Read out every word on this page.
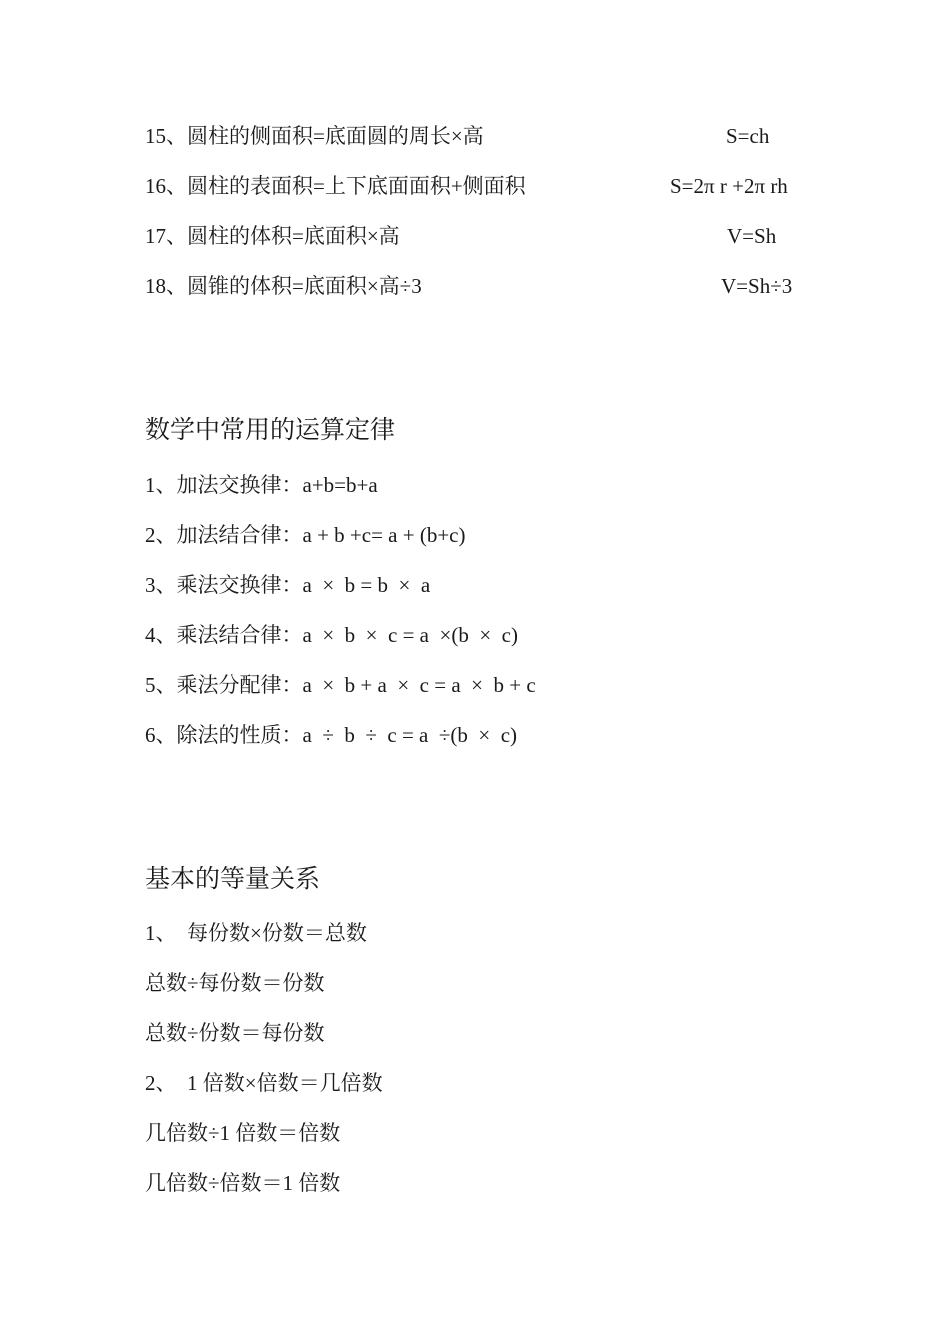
15、圆柱的侧面积=底面圆的周长×高	S=ch
16、圆柱的表面积=上下底面面积+侧面积	S=2π r +2π rh
17、圆柱的体积=底面积×高	V=Sh
18、圆锥的体积=底面积×高÷3	V=Sh÷3
数学中常用的运算定律
1、加法交换律：a+b=b+a
2、加法结合律：a + b +c= a + (b+c)
3、乘法交换律：a  ×  b = b  ×  a
4、乘法结合律：a  ×  b  ×  c = a  ×(b  ×  c)
5、乘法分配律：a  ×  b + a  ×  c = a  ×  b + c
6、除法的性质：a  ÷  b  ÷  c = a  ÷(b  ×  c)
基本的等量关系
1、  每份数×份数＝总数
总数÷每份数＝份数
总数÷份数＝每份数
2、  1 倍数×倍数＝几倍数
几倍数÷1 倍数＝倍数
几倍数÷倍数＝1 倍数
